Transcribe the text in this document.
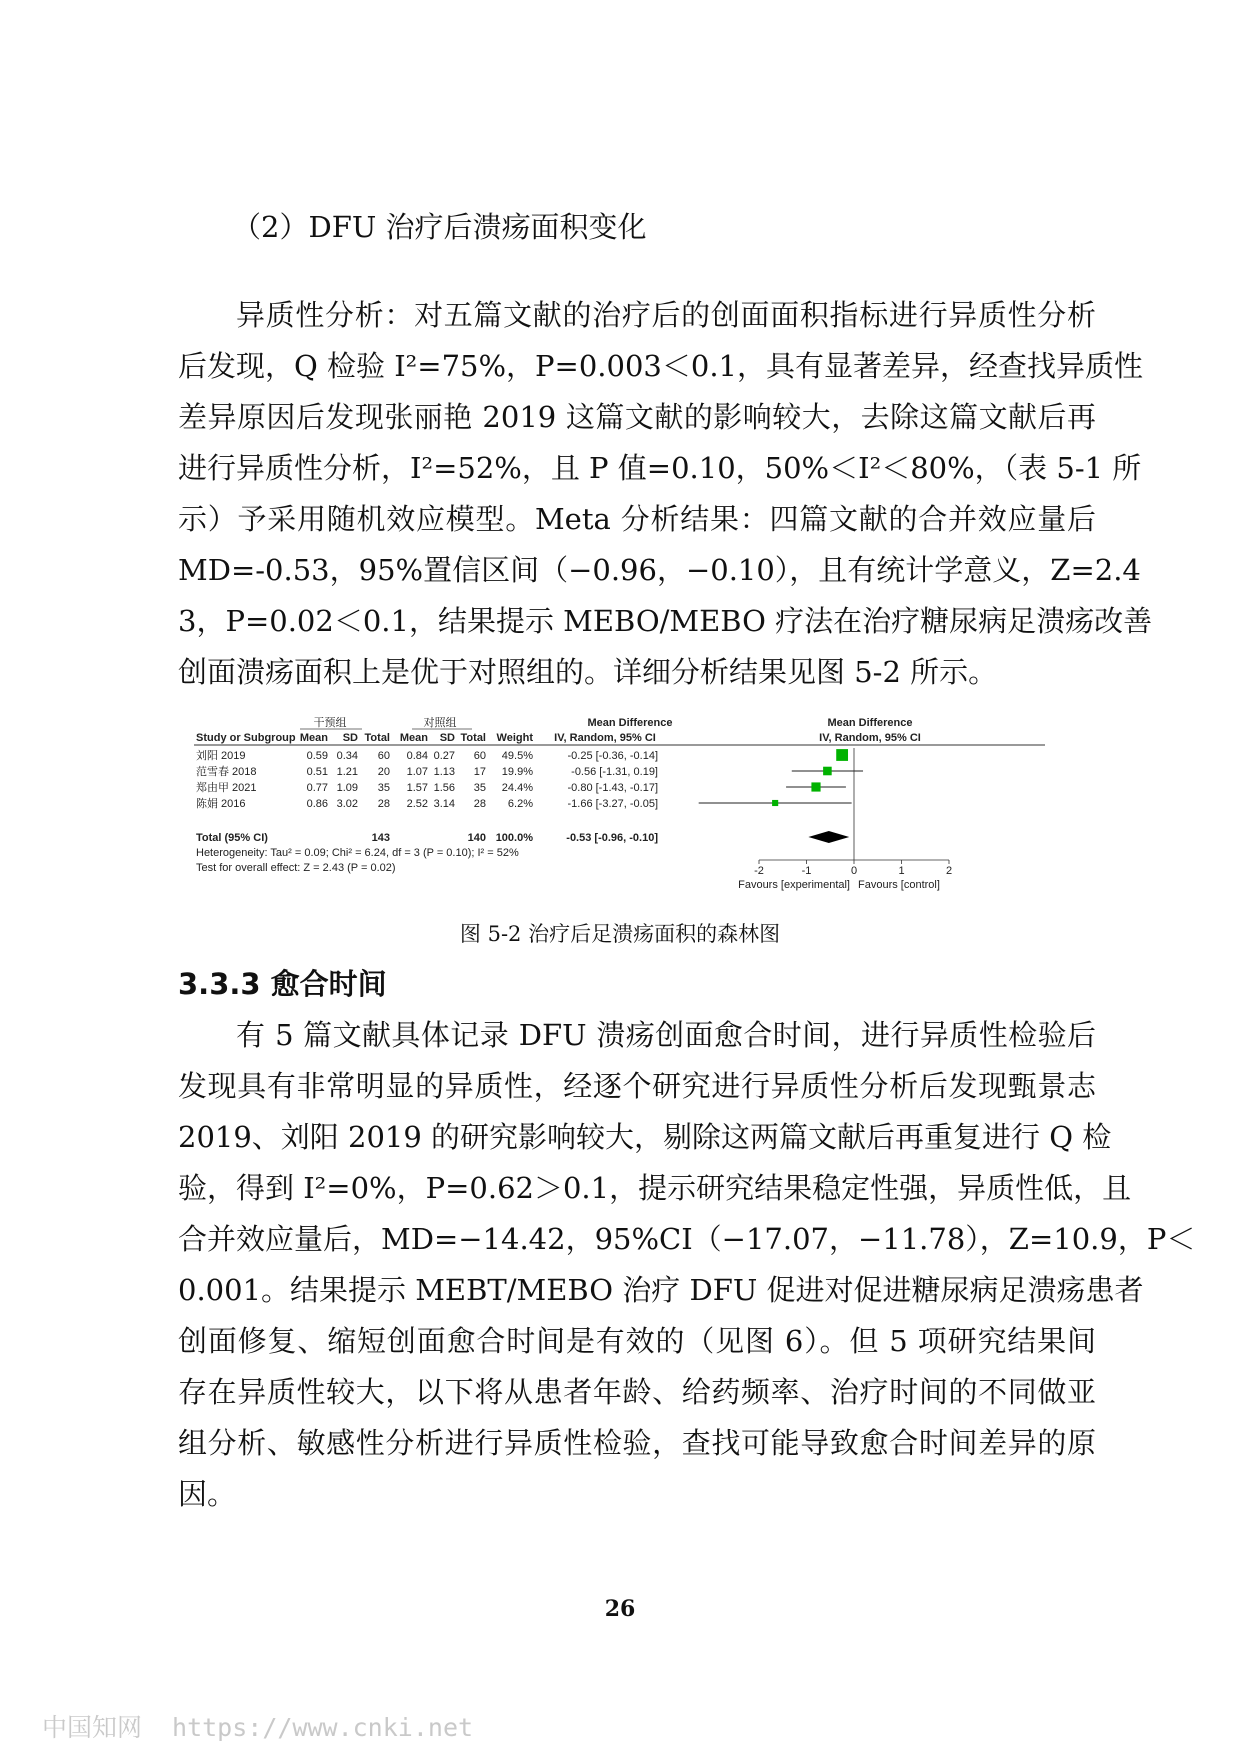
（2）DFU 治疗后溃疡面积变化
异质性分析：对五篇文献的治疗后的创面面积指标进行异质性分析
后发现，Q 检验 I²=75%，P=0.003＜0.1，具有显著差异，经查找异质性
差异原因后发现张丽艳 2019 这篇文献的影响较大，去除这篇文献后再
进行异质性分析，I²=52%，且 P 值=0.10，50%＜I²＜80%，（表 5-1 所
示）予采用随机效应模型。Meta 分析结果：四篇文献的合并效应量后
MD=-0.53，95%置信区间（−0.96，−0.10），且有统计学意义，Z=2.4
3，P=0.02＜0.1，结果提示 MEBO/MEBO 疗法在治疗糖尿病足溃疡改善
创面溃疡面积上是优于对照组的。详细分析结果见图 5-2 所示。
干预组	对照组	Mean Difference	Mean Difference
Study or Subgroup Mean SD Total Mean SD Total Weight IV, Random, 95% CI	IV, Random, 95% CI
刘阳 2019	0.59 0.34 60 0.84 0.27 60 49.5%	-0.25 [-0.36, -0.14]
范雪春 2018	0.51 1.21 20 1.07 1.13 17 19.9%	-0.56 [-1.31, 0.19]
郑由甲 2021	0.77 1.09 35 1.57 1.56 35 24.4%	-0.80 [-1.43, -0.17]
陈娟 2016	0.86 3.02 28 2.52 3.14 28 6.2%	-1.66 [-3.27, -0.05]
Total (95% CI)	143	140 100.0%	-0.53 [-0.96, -0.10]
Heterogeneity: Tau² = 0.09; Chi² = 6.24, df = 3 (P = 0.10); I² = 52%
Test for overall effect: Z = 2.43 (P = 0.02)	-2	-1	0	1	2
Favours [experimental] Favours [control]
图 5-2 治疗后足溃疡面积的森林图
3.3.3 愈合时间
有 5 篇文献具体记录 DFU 溃疡创面愈合时间，进行异质性检验后
发现具有非常明显的异质性，经逐个研究进行异质性分析后发现甄景志
2019、刘阳 2019 的研究影响较大，剔除这两篇文献后再重复进行 Q 检
验，得到 I²=0%，P=0.62＞0.1，提示研究结果稳定性强，异质性低，且
合并效应量后，MD=−14.42，95%CI（−17.07，−11.78），Z=10.9，P＜
0.001。结果提示 MEBT/MEBO 治疗 DFU 促进对促进糖尿病足溃疡患者
创面修复、缩短创面愈合时间是有效的（见图 6）。但 5 项研究结果间
存在异质性较大，以下将从患者年龄、给药频率、治疗时间的不同做亚
组分析、敏感性分析进行异质性检验，查找可能导致愈合时间差异的原
因。
26
中国知网 https://www.cnki.net
